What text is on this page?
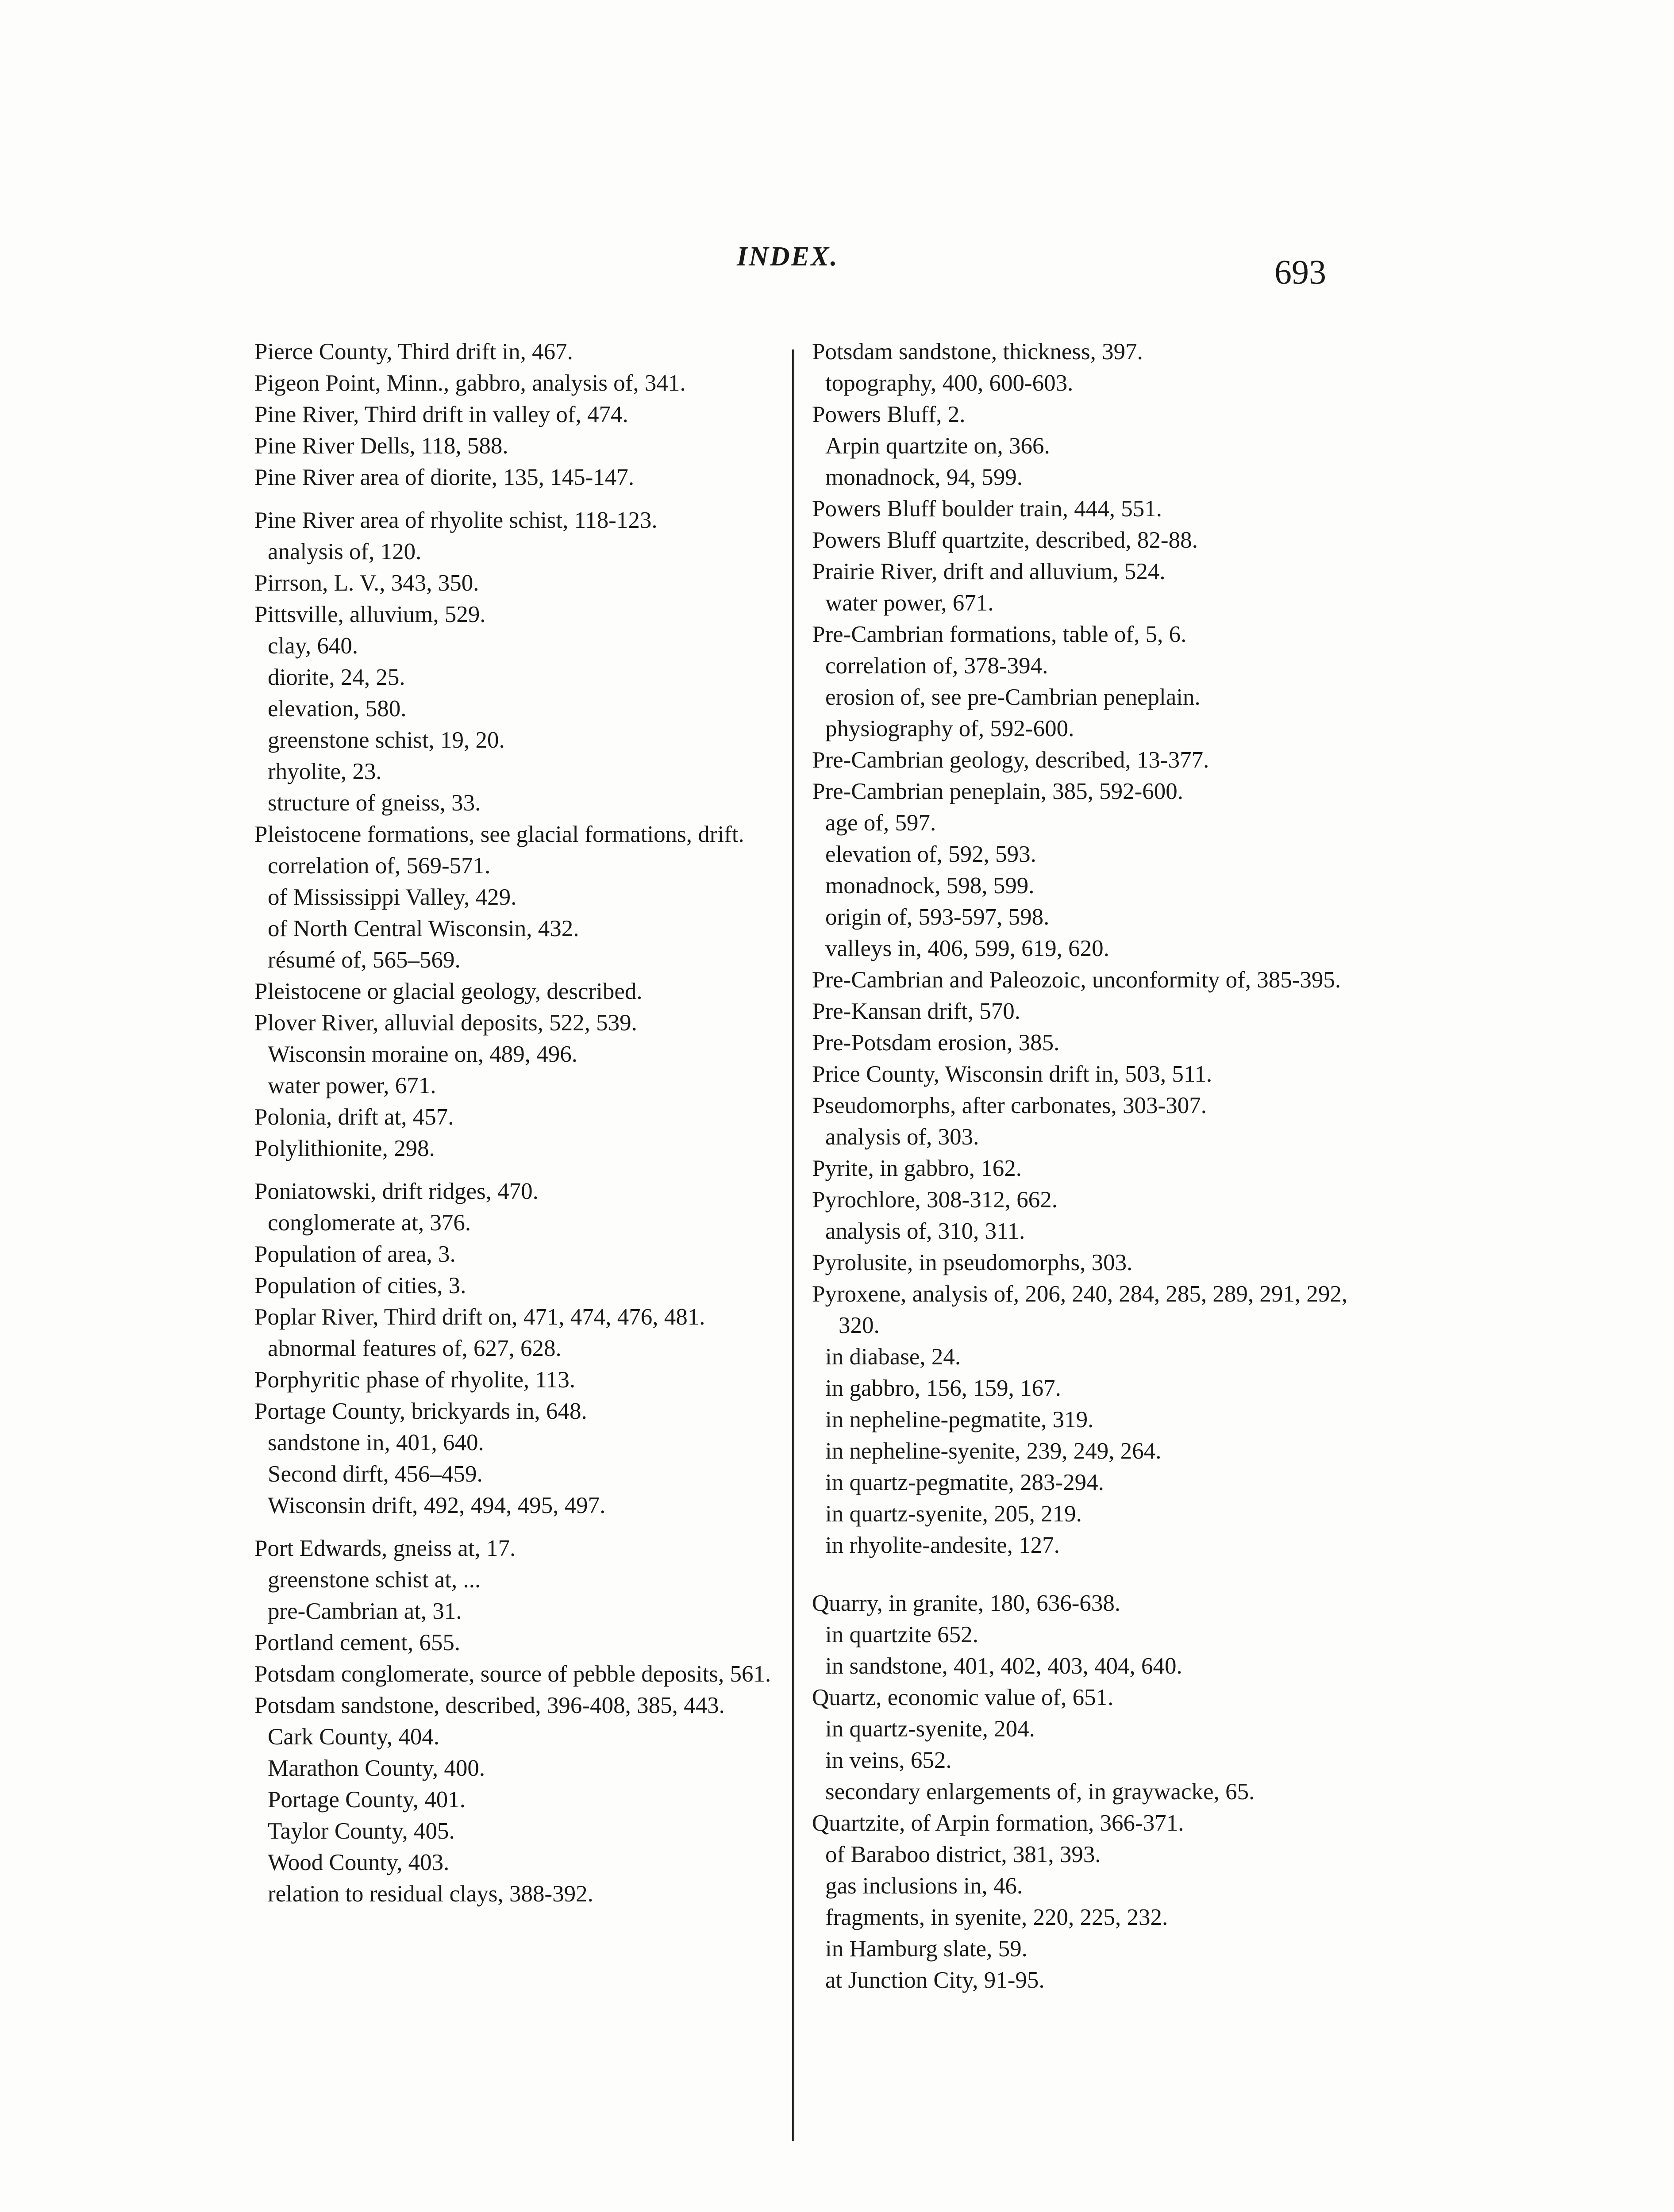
INDEX.	693

Pierce County, Third drift in, 467.

Pigeon Point, Minn., gabbro, analysis of, 341.

Pine River, Third drift in valley of, 474.

Pine River Dells, 118, 588.

Pine River area of diorite, 135, 145-147.

Pine River area of rhyolite schist, 118-123.

analysis of, 120.

Pirrson, L. V., 343, 350.

Pittsville, alluvium, 529.

clay, 640.

diorite, 24, 25.

elevation, 580.

greenstone schist, 19, 20.

rhyolite, 23.

structure of gneiss, 33.

Pleistocene formations, see glacial formations, drift.

correlation of, 569-571.

of Mississippi Valley, 429.

of North Central Wisconsin, 432.

résumé of, 565–569.

Pleistocene or glacial geology, described.

Plover River, alluvial deposits, 522, 539.

Wisconsin moraine on, 489, 496.

water power, 671.

Polonia, drift at, 457.

Polylithionite, 298.

Poniatowski, drift ridges, 470.

conglomerate at, 376.

Population of area, 3.

Population of cities, 3.

Poplar River, Third drift on, 471, 474, 476, 481.

abnormal features of, 627, 628.

Porphyritic phase of rhyolite, 113.

Portage County, brickyards in, 648.

sandstone in, 401, 640.

Second dirft, 456–459.

Wisconsin drift, 492, 494, 495, 497.

Port Edwards, gneiss at, 17.

greenstone schist at, ...

pre-Cambrian at, 31.

Portland cement, 655.

Potsdam conglomerate, source of pebble deposits, 561.

Potsdam sandstone, described, 396-408, 385, 443.

Cark County, 404.

Marathon County, 400.

Portage County, 401.

Taylor County, 405.

Wood County, 403.

relation to residual clays, 388-392.

Potsdam sandstone, thickness, 397.

topography, 400, 600-603.

Powers Bluff, 2.

Arpin quartzite on, 366.

monadnock, 94, 599.

Powers Bluff boulder train, 444, 551.

Powers Bluff quartzite, described, 82-88.

Prairie River, drift and alluvium, 524.

water power, 671.

Pre-Cambrian formations, table of, 5, 6.

correlation of, 378-394.

erosion of, see pre-Cambrian peneplain.

physiography of, 592-600.

Pre-Cambrian geology, described, 13-377.

Pre-Cambrian peneplain, 385, 592-600.

age of, 597.

elevation of, 592, 593.

monadnock, 598, 599.

origin of, 593-597, 598.

valleys in, 406, 599, 619, 620.

Pre-Cambrian and Paleozoic, unconformity of, 385-395.

Pre-Kansan drift, 570.

Pre-Potsdam erosion, 385.

Price County, Wisconsin drift in, 503, 511.

Pseudomorphs, after carbonates, 303-307.

analysis of, 303.

Pyrite, in gabbro, 162.

Pyrochlore, 308-312, 662.

analysis of, 310, 311.

Pyrolusite, in pseudomorphs, 303.

Pyroxene, analysis of, 206, 240, 284, 285, 289, 291, 292, 320.

in diabase, 24.

in gabbro, 156, 159, 167.

in nepheline-pegmatite, 319.

in nepheline-syenite, 239, 249, 264.

in quartz-pegmatite, 283-294.

in quartz-syenite, 205, 219.

in rhyolite-andesite, 127.

Quarry, in granite, 180, 636-638.

in quartzite 652.

in sandstone, 401, 402, 403, 404, 640.

Quartz, economic value of, 651.

in quartz-syenite, 204.

in veins, 652.

secondary enlargements of, in graywacke, 65.

Quartzite, of Arpin formation, 366-371.

of Baraboo district, 381, 393.

gas inclusions in, 46.

fragments, in syenite, 220, 225, 232.

in Hamburg slate, 59.

at Junction City, 91-95.
